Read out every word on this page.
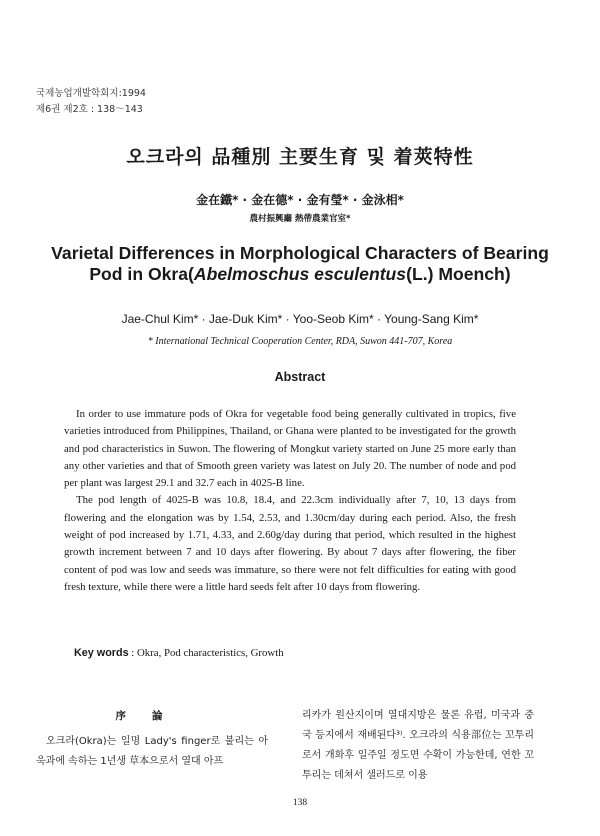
국제농업개발학회지:1994
제6권 제2호 : 138～143
오크라의 品種別 主要生育 및 着莢特性
金在鐵* · 金在德* · 金有瑩* · 金泳相*
農村振興廳 熱帶農業官室*
Varietal Differences in Morphological Characters of Bearing
Pod in Okra(Abelmoschus esculentus(L.) Moench)
Jae-Chul Kim* · Jae-Duk Kim* · Yoo-Seob Kim* · Young-Sang Kim*
* International Technical Cooperation Center, RDA, Suwon 441-707, Korea
Abstract

In order to use immature pods of Okra for vegetable food being generally cultivated in tropics, five varieties introduced from Philippines, Thailand, or Ghana were planted to be investigated for the growth and pod characteristics in Suwon. The flowering of Mongkut variety started on June 25 more early than any other varieties and that of Smooth green variety was latest on July 20. The number of node and pod per plant was largest 29.1 and 32.7 each in 4025-B line.

The pod length of 4025-B was 10.8, 18.4, and 22.3cm individually after 7, 10, 13 days from flowering and the elongation was by 1.54, 2.53, and 1.30cm/day during each period. Also, the fresh weight of pod increased by 1.71, 4.33, and 2.60g/day during that period, which resulted in the highest growth increment between 7 and 10 days after flowering. By about 7 days after flowering, the fiber content of pod was low and seeds was immature, so there were not felt difficulties for eating with good fresh texture, while there were a little hard seeds felt after 10 days from flowering.

Key words : Okra, Pod characteristics, Growth
序論

오크라(Okra)는 일명 Lady's finger로 불리는 아욱과에 속하는 1년생 草本으로서 열대 아프

리카가 원산지이며 열대지방은 물론 유럽, 미국과 중국 등지에서 재배된다³⁾. 오크라의 식용部位는 꼬투리로서 개화후 일주일 정도면 수확이 가능한데, 연한 꼬투리는 데쳐서 샐러드로 이용

138
